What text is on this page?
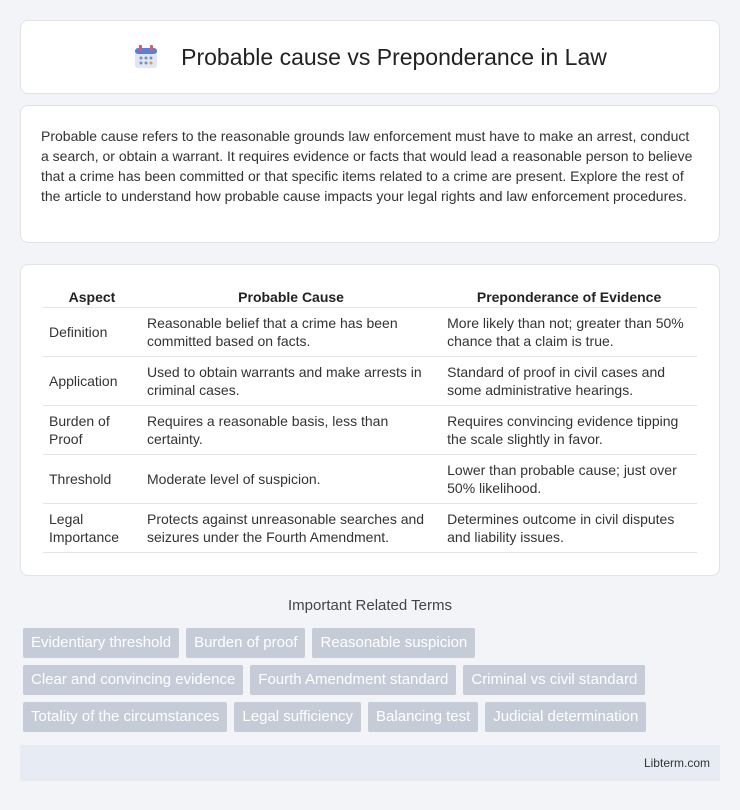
Probable cause vs Preponderance in Law

Probable cause refers to the reasonable grounds law enforcement must have to make an arrest, conduct a search, or obtain a warrant. It requires evidence or facts that would lead a reasonable person to believe that a crime has been committed or that specific items related to a crime are present. Explore the rest of the article to understand how probable cause impacts your legal rights and law enforcement procedures.

Aspect	Probable Cause	Preponderance of Evidence
Definition	Reasonable belief that a crime has been committed based on facts.	More likely than not; greater than 50% chance that a claim is true.
Application	Used to obtain warrants and make arrests in criminal cases.	Standard of proof in civil cases and some administrative hearings.
Burden of Proof	Requires a reasonable basis, less than certainty.	Requires convincing evidence tipping the scale slightly in favor.
Threshold	Moderate level of suspicion.	Lower than probable cause; just over 50% likelihood.
Legal Importance	Protects against unreasonable searches and seizures under the Fourth Amendment.	Determines outcome in civil disputes and liability issues.
Important Related Terms
Evidentiary threshold	Burden of proof	Reasonable suspicion
Clear and convincing evidence	Fourth Amendment standard	Criminal vs civil standard
Totality of the circumstances	Legal sufficiency	Balancing test	Judicial determination
Libterm.com
